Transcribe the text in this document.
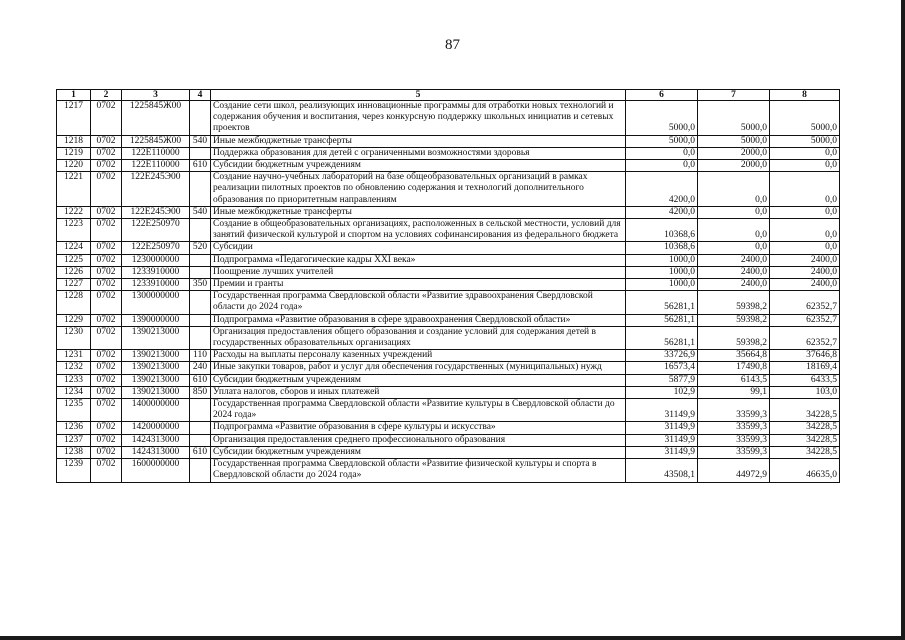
87
1	2	3	4	5	6	7	8
1217	0702	1225845Ж00		Создание сети школ, реализующих инновационные программы для отработки новых технологий и содержания обучения и воспитания, через конкурсную поддержку школьных инициатив и сетевых проектов	5000,0	5000,0	5000,0
1218	0702	1225845Ж00	540	Иные межбюджетные трансферты	5000,0	5000,0	5000,0
1219	0702	122E110000		Поддержка образования для детей с ограниченными возможностями здоровья	0,0	2000,0	0,0
1220	0702	122E110000	610	Субсидии бюджетным учреждениям	0,0	2000,0	0,0
1221	0702	122E245Э00		Создание научно-учебных лабораторий на базе общеобразовательных организаций в рамках реализации пилотных проектов по обновлению содержания и технологий дополнительного образования по приоритетным направлениям	4200,0	0,0	0,0
1222	0702	122E245Э00	540	Иные межбюджетные трансферты	4200,0	0,0	0,0
1223	0702	122E250970		Создание в общеобразовательных организациях, расположенных в сельской местности, условий для занятий физической культурой и спортом на условиях софинансирования из федерального бюджета	10368,6	0,0	0,0
1224	0702	122E250970	520	Субсидии	10368,6	0,0	0,0
1225	0702	1230000000		Подпрограмма «Педагогические кадры XXI века»	1000,0	2400,0	2400,0
1226	0702	1233910000		Поощрение лучших учителей	1000,0	2400,0	2400,0
1227	0702	1233910000	350	Премии и гранты	1000,0	2400,0	2400,0
1228	0702	1300000000		Государственная программа Свердловской области «Развитие здравоохранения Свердловской области до 2024 года»	56281,1	59398,2	62352,7
1229	0702	1390000000		Подпрограмма «Развитие образования в сфере здравоохранения Свердловской области»	56281,1	59398,2	62352,7
1230	0702	1390213000		Организация предоставления общего образования и создание условий для содержания детей в государственных образовательных организациях	56281,1	59398,2	62352,7
1231	0702	1390213000	110	Расходы на выплаты персоналу казенных учреждений	33726,9	35664,8	37646,8
1232	0702	1390213000	240	Иные закупки товаров, работ и услуг для обеспечения государственных (муниципальных) нужд	16573,4	17490,8	18169,4
1233	0702	1390213000	610	Субсидии бюджетным учреждениям	5877,9	6143,5	6433,5
1234	0702	1390213000	850	Уплата налогов, сборов и иных платежей	102,9	99,1	103,0
1235	0702	1400000000		Государственная программа Свердловской области «Развитие культуры в Свердловской области до 2024 года»	31149,9	33599,3	34228,5
1236	0702	1420000000		Подпрограмма «Развитие образования в сфере культуры и искусства»	31149,9	33599,3	34228,5
1237	0702	1424313000		Организация предоставления среднего профессионального образования	31149,9	33599,3	34228,5
1238	0702	1424313000	610	Субсидии бюджетным учреждениям	31149,9	33599,3	34228,5
1239	0702	1600000000		Государственная программа Свердловской области «Развитие физической культуры и спорта в Свердловской области до 2024 года»	43508,1	44972,9	46635,0
